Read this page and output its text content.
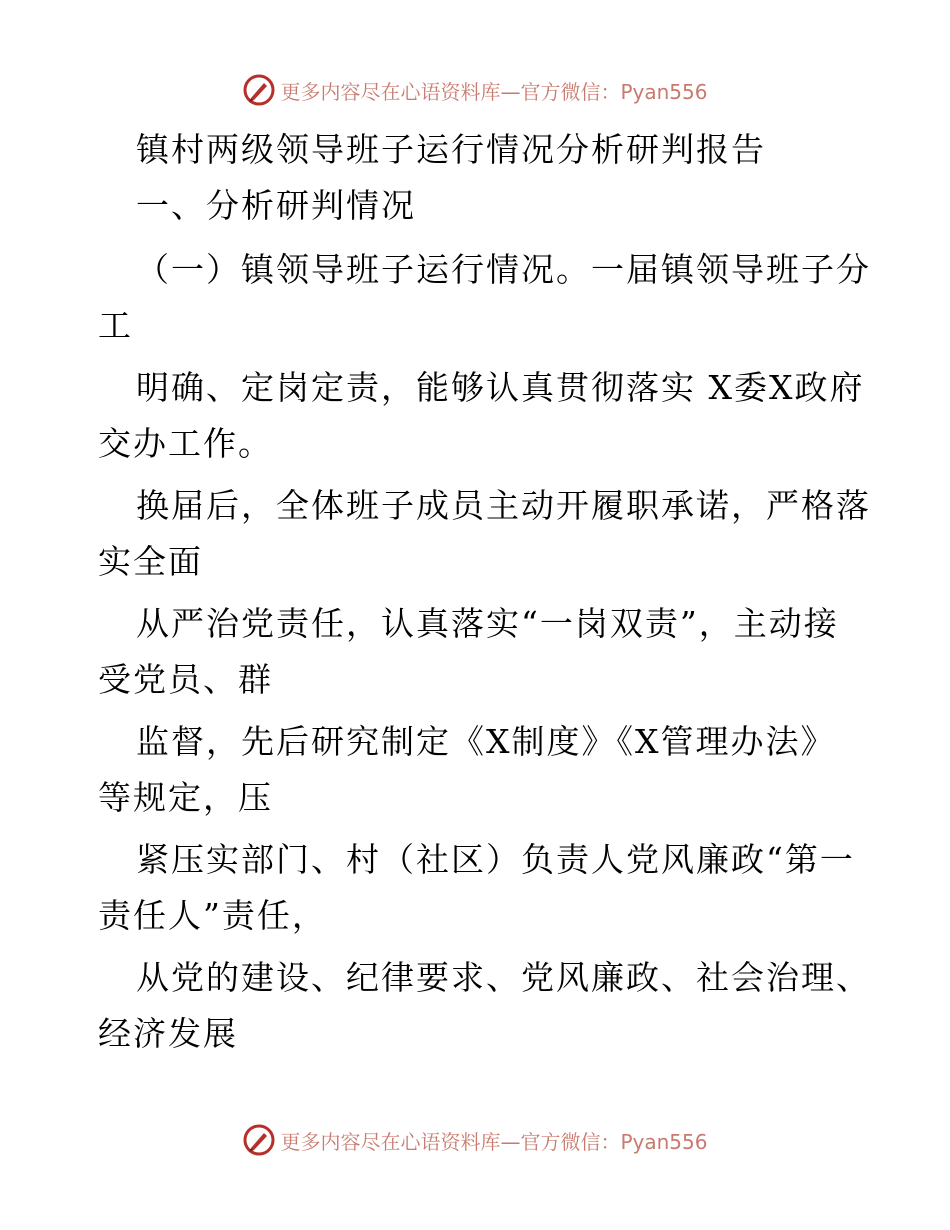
更多内容尽在心语资料库—官方微信：Pyan556
镇村两级领导班子运行情况分析研判报告
一、分析研判情况
（一）镇领导班子运行情况。一届镇领导班子分
工
明确、定岗定责，能够认真贯彻落实 X委X政府
交办工作。
换届后，全体班子成员主动开履职承诺，严格落
实全面
从严治党责任，认真落实“一岗双责”，主动接
受党员、群
监督，先后研究制定《X制度》《X管理办法》
等规定，压
紧压实部门、村（社区）负责人党风廉政“第一
责任人”责任，
从党的建设、纪律要求、党风廉政、社会治理、
经济发展
更多内容尽在心语资料库—官方微信：Pyan556
